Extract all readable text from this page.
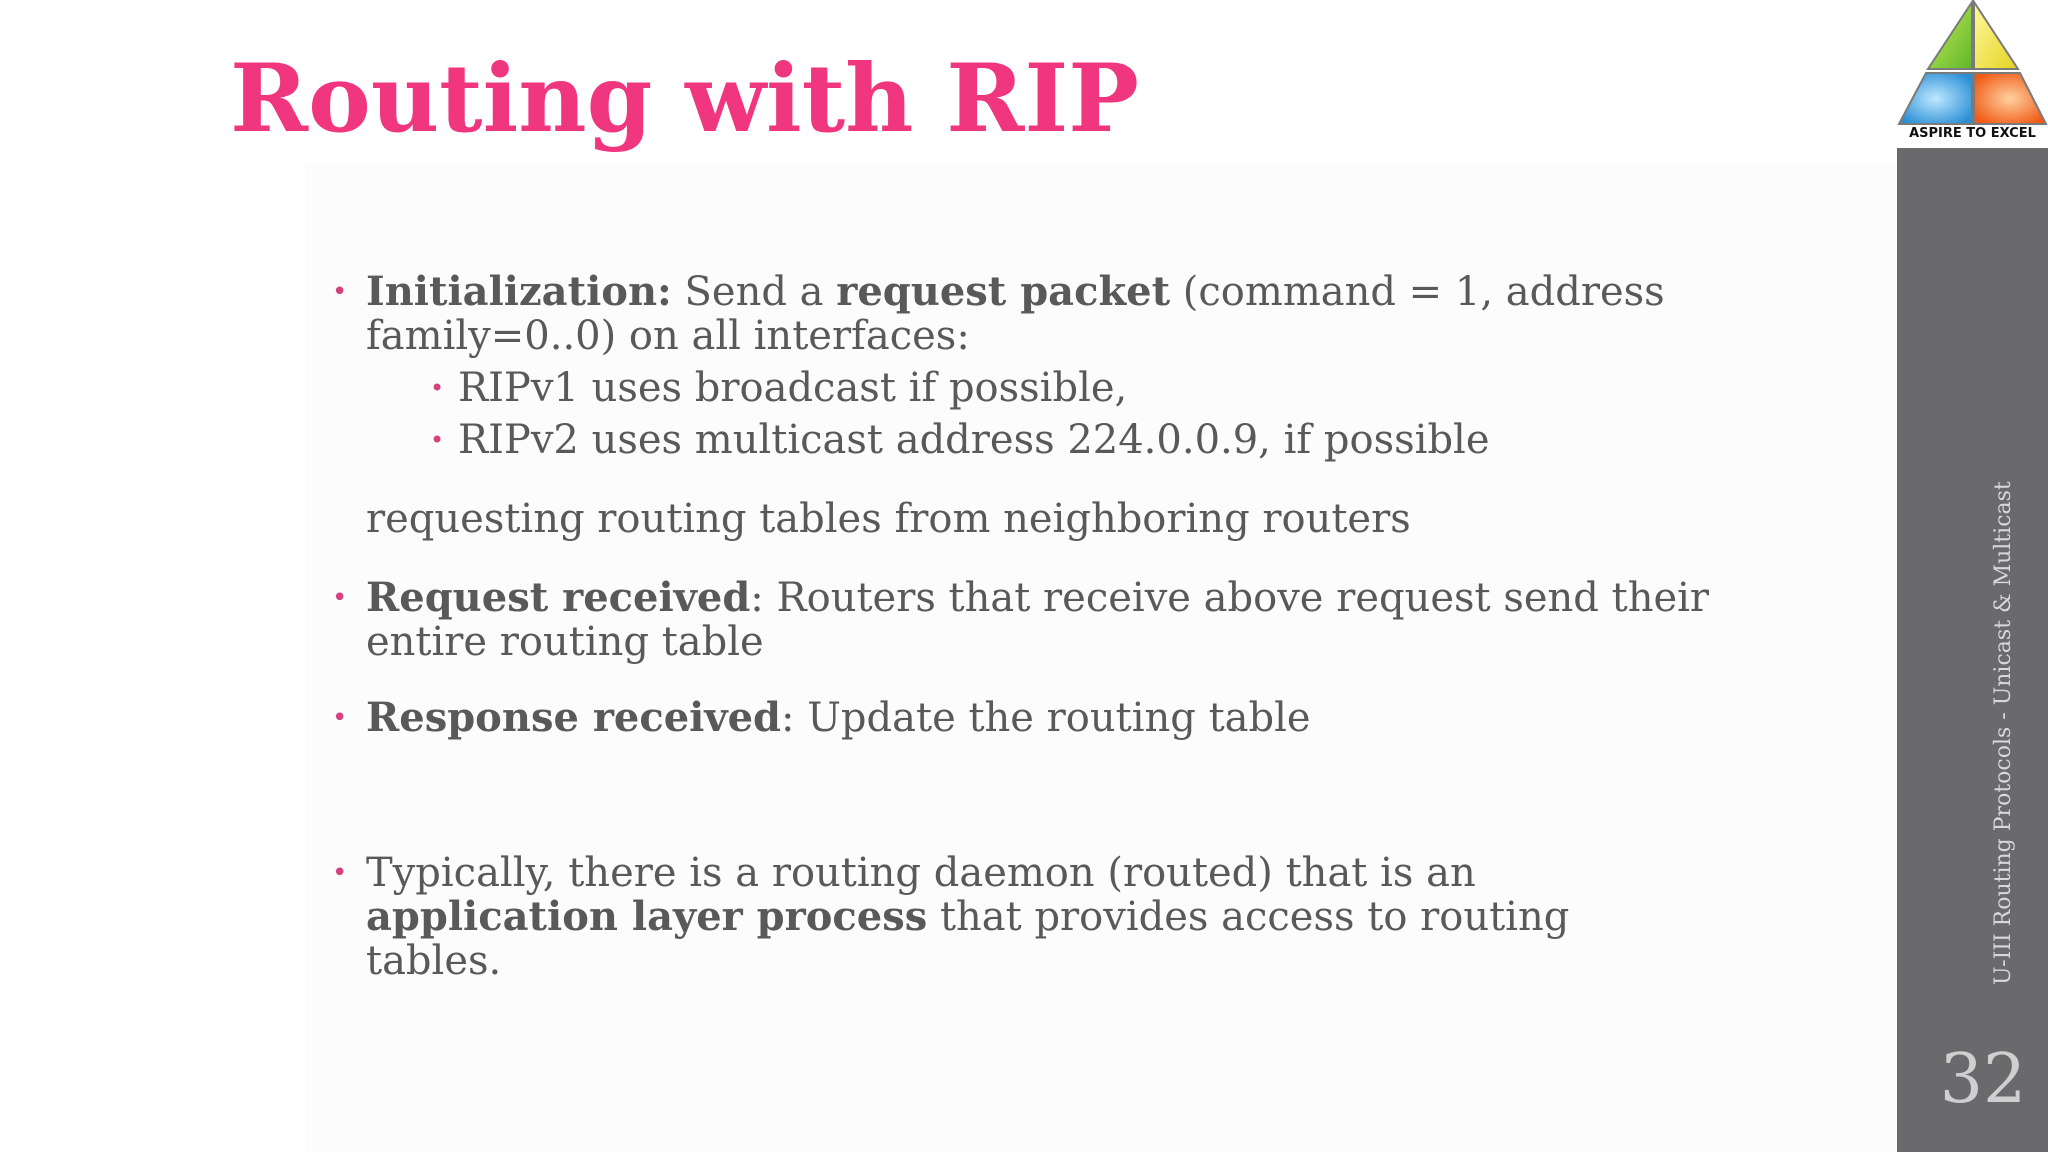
Routing with RIP
• Initialization: Send a request packet (command = 1, address family=0..0) on all interfaces:
• RIPv1 uses broadcast if possible,
• RIPv2 uses multicast address 224.0.0.9, if possible
requesting routing tables from neighboring routers
• Request received: Routers that receive above request send their entire routing table
• Response received: Update the routing table
• Typically, there is a routing daemon (routed) that is an application layer process that provides access to routing tables.
ASPIRE TO EXCEL
U-III Routing Protocols - Unicast & Multicast
32
